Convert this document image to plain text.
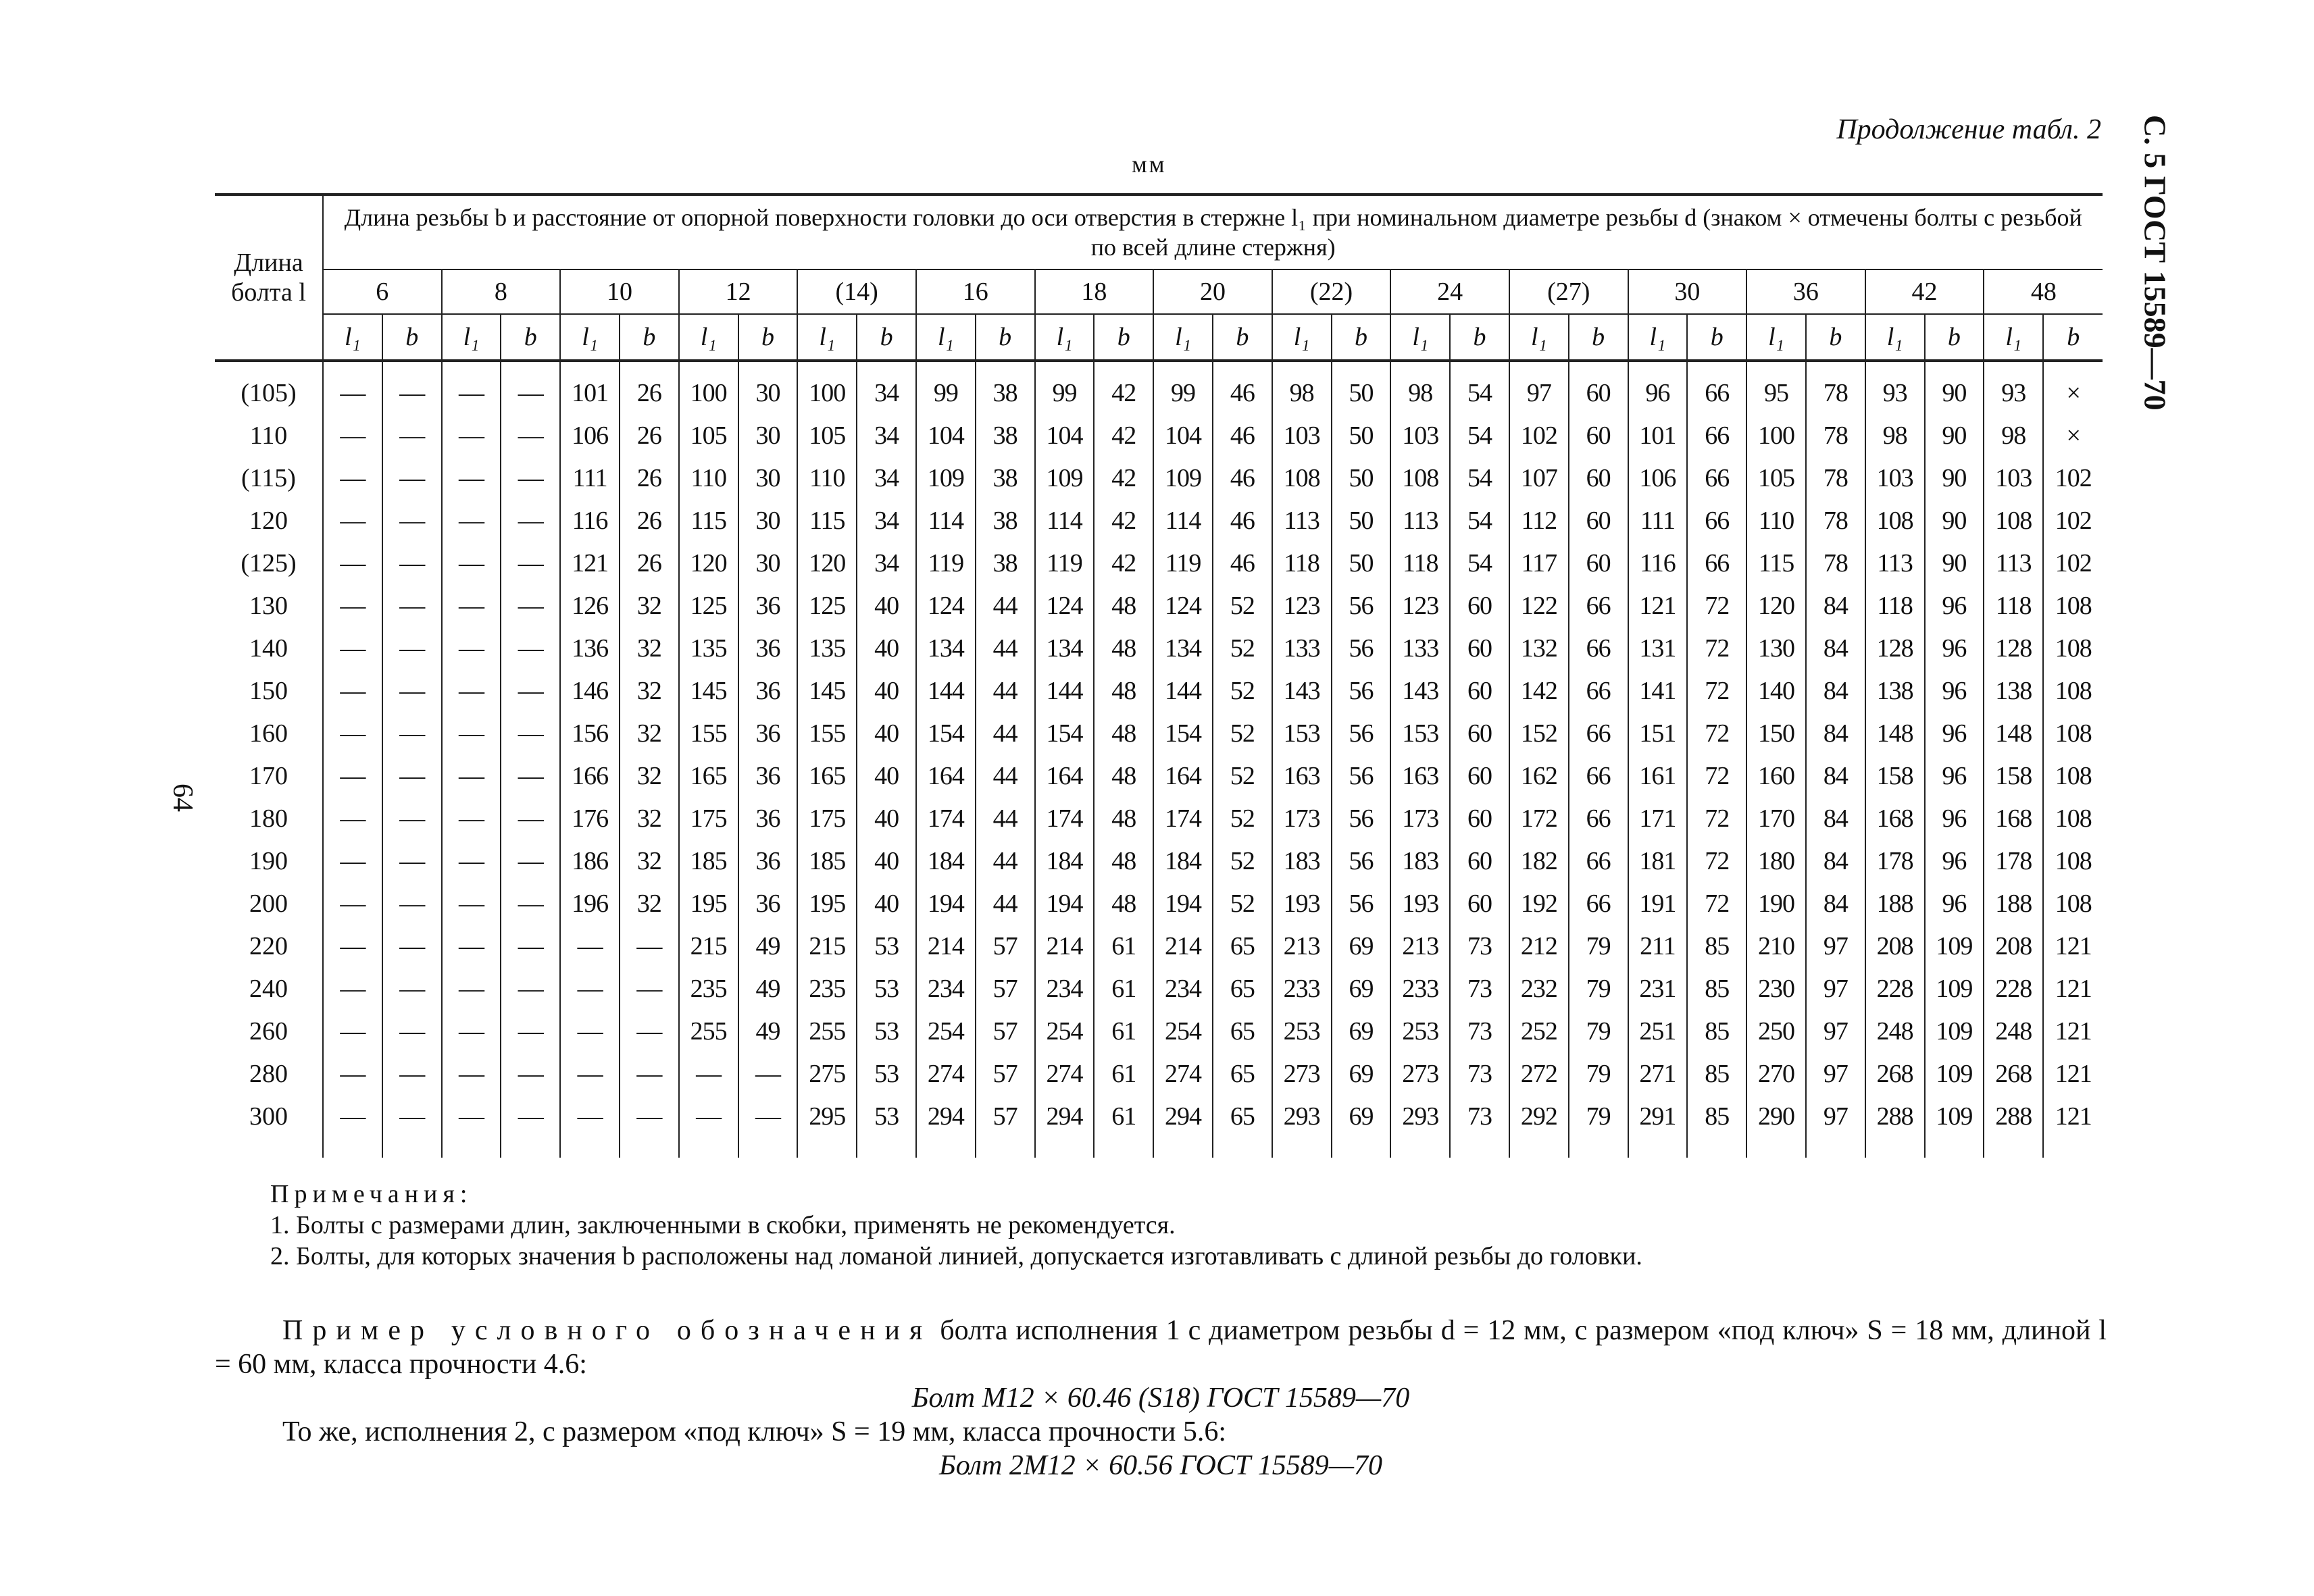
Продолжение табл. 2
мм	С. 5 ГОСТ 15589—70
64
Длина болта l	Длина резьбы b и расстояние от опорной поверхности головки до оси отверстия в стержне l₁ при номинальном диаметре резьбы d (знаком × отмечены болты с резьбой по всей длине стержня)																													
	6		8		10		12		(14)		16		18		20		(22)		24		(27)		30		36		42		48	
	l₁	b	l₁	b	l₁	b	l₁	b	l₁	b	l₁	b	l₁	b	l₁	b	l₁	b	l₁	b	l₁	b	l₁	b	l₁	b	l₁	b	l₁	b
(105)	—	—	—	—	101	26	100	30	100	34	99	38	99	42	99	46	98	50	98	54	97	60	96	66	95	78	93	90	93	×
110	—	—	—	—	106	26	105	30	105	34	104	38	104	42	104	46	103	50	103	54	102	60	101	66	100	78	98	90	98	×
(115)	—	—	—	—	111	26	110	30	110	34	109	38	109	42	109	46	108	50	108	54	107	60	106	66	105	78	103	90	103	102
120	—	—	—	—	116	26	115	30	115	34	114	38	114	42	114	46	113	50	113	54	112	60	111	66	110	78	108	90	108	102
(125)	—	—	—	—	121	26	120	30	120	34	119	38	119	42	119	46	118	50	118	54	117	60	116	66	115	78	113	90	113	102
130	—	—	—	—	126	32	125	36	125	40	124	44	124	48	124	52	123	56	123	60	122	66	121	72	120	84	118	96	118	108
140	—	—	—	—	136	32	135	36	135	40	134	44	134	48	134	52	133	56	133	60	132	66	131	72	130	84	128	96	128	108
150	—	—	—	—	146	32	145	36	145	40	144	44	144	48	144	52	143	56	143	60	142	66	141	72	140	84	138	96	138	108
160	—	—	—	—	156	32	155	36	155	40	154	44	154	48	154	52	153	56	153	60	152	66	151	72	150	84	148	96	148	108
170	—	—	—	—	166	32	165	36	165	40	164	44	164	48	164	52	163	56	163	60	162	66	161	72	160	84	158	96	158	108
180	—	—	—	—	176	32	175	36	175	40	174	44	174	48	174	52	173	56	173	60	172	66	171	72	170	84	168	96	168	108
190	—	—	—	—	186	32	185	36	185	40	184	44	184	48	184	52	183	56	183	60	182	66	181	72	180	84	178	96	178	108
200	—	—	—	—	196	32	195	36	195	40	194	44	194	48	194	52	193	56	193	60	192	66	191	72	190	84	188	96	188	108
220	—	—	—	—	—	—	215	49	215	53	214	57	214	61	214	65	213	69	213	73	212	79	211	85	210	97	208	109	208	121
240	—	—	—	—	—	—	235	49	235	53	234	57	234	61	234	65	233	69	233	73	232	79	231	85	230	97	228	109	228	121
260	—	—	—	—	—	—	255	49	255	53	254	57	254	61	254	65	253	69	253	73	252	79	251	85	250	97	248	109	248	121
280	—	—	—	—	—	—	—	—	275	53	274	57	274	61	274	65	273	69	273	73	272	79	271	85	270	97	268	109	268	121
300	—	—	—	—	—	—	—	—	295	53	294	57	294	61	294	65	293	69	293	73	292	79	291	85	290	97	288	109	288	121
Примечания:
1. Болты с размерами длин, заключенными в скобки, применять не рекомендуется.
2. Болты, для которых значения b расположены над ломаной линией, допускается изготавливать с длиной резьбы до головки.
Пример условного обозначения болта исполнения 1 с диаметром резьбы d = 12 мм, с размером «под ключ» S = 18 мм, длиной l = 60 мм, класса прочности 4.6:
Болт М12 × 60.46 (S18) ГОСТ 15589—70
То же, исполнения 2, с размером «под ключ» S = 19 мм, класса прочности 5.6:
Болт 2М12 × 60.56 ГОСТ 15589—70
